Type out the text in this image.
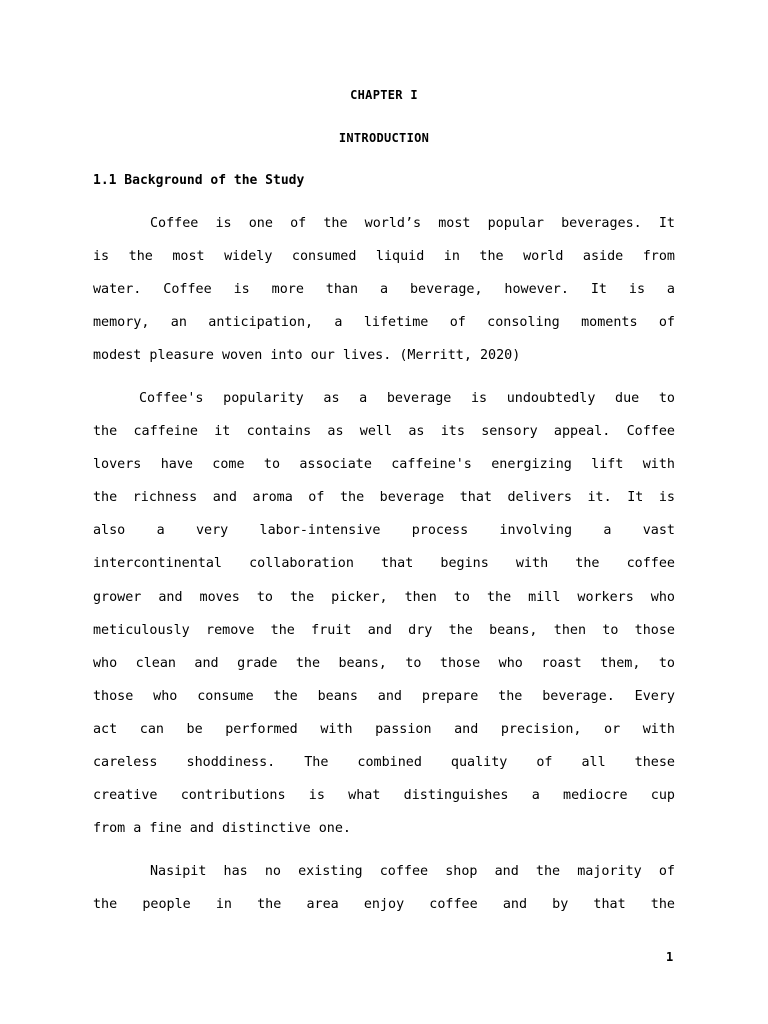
CHAPTER I
INTRODUCTION
1.1 Background of the Study
Coffee is one of the world’s most popular beverages. It
is the most widely consumed liquid in the world aside from
water. Coffee is more than a beverage, however. It is a
memory, an anticipation, a lifetime of consoling moments of
modest pleasure woven into our lives. (Merritt, 2020)
Coffee's popularity as a beverage is undoubtedly due to
the caffeine it contains as well as its sensory appeal. Coffee
lovers have come to associate caffeine's energizing lift with
the richness and aroma of the beverage that delivers it. It is
also a very labor-intensive process involving a vast
intercontinental collaboration that begins with the coffee
grower and moves to the picker, then to the mill workers who
meticulously remove the fruit and dry the beans, then to those
who clean and grade the beans, to those who roast them, to
those who consume the beans and prepare the beverage. Every
act can be performed with passion and precision, or with
careless shoddiness. The combined quality of all these
creative contributions is what distinguishes a mediocre cup
from a fine and distinctive one.
Nasipit has no existing coffee shop and the majority of
the people in the area enjoy coffee and by that the
1
